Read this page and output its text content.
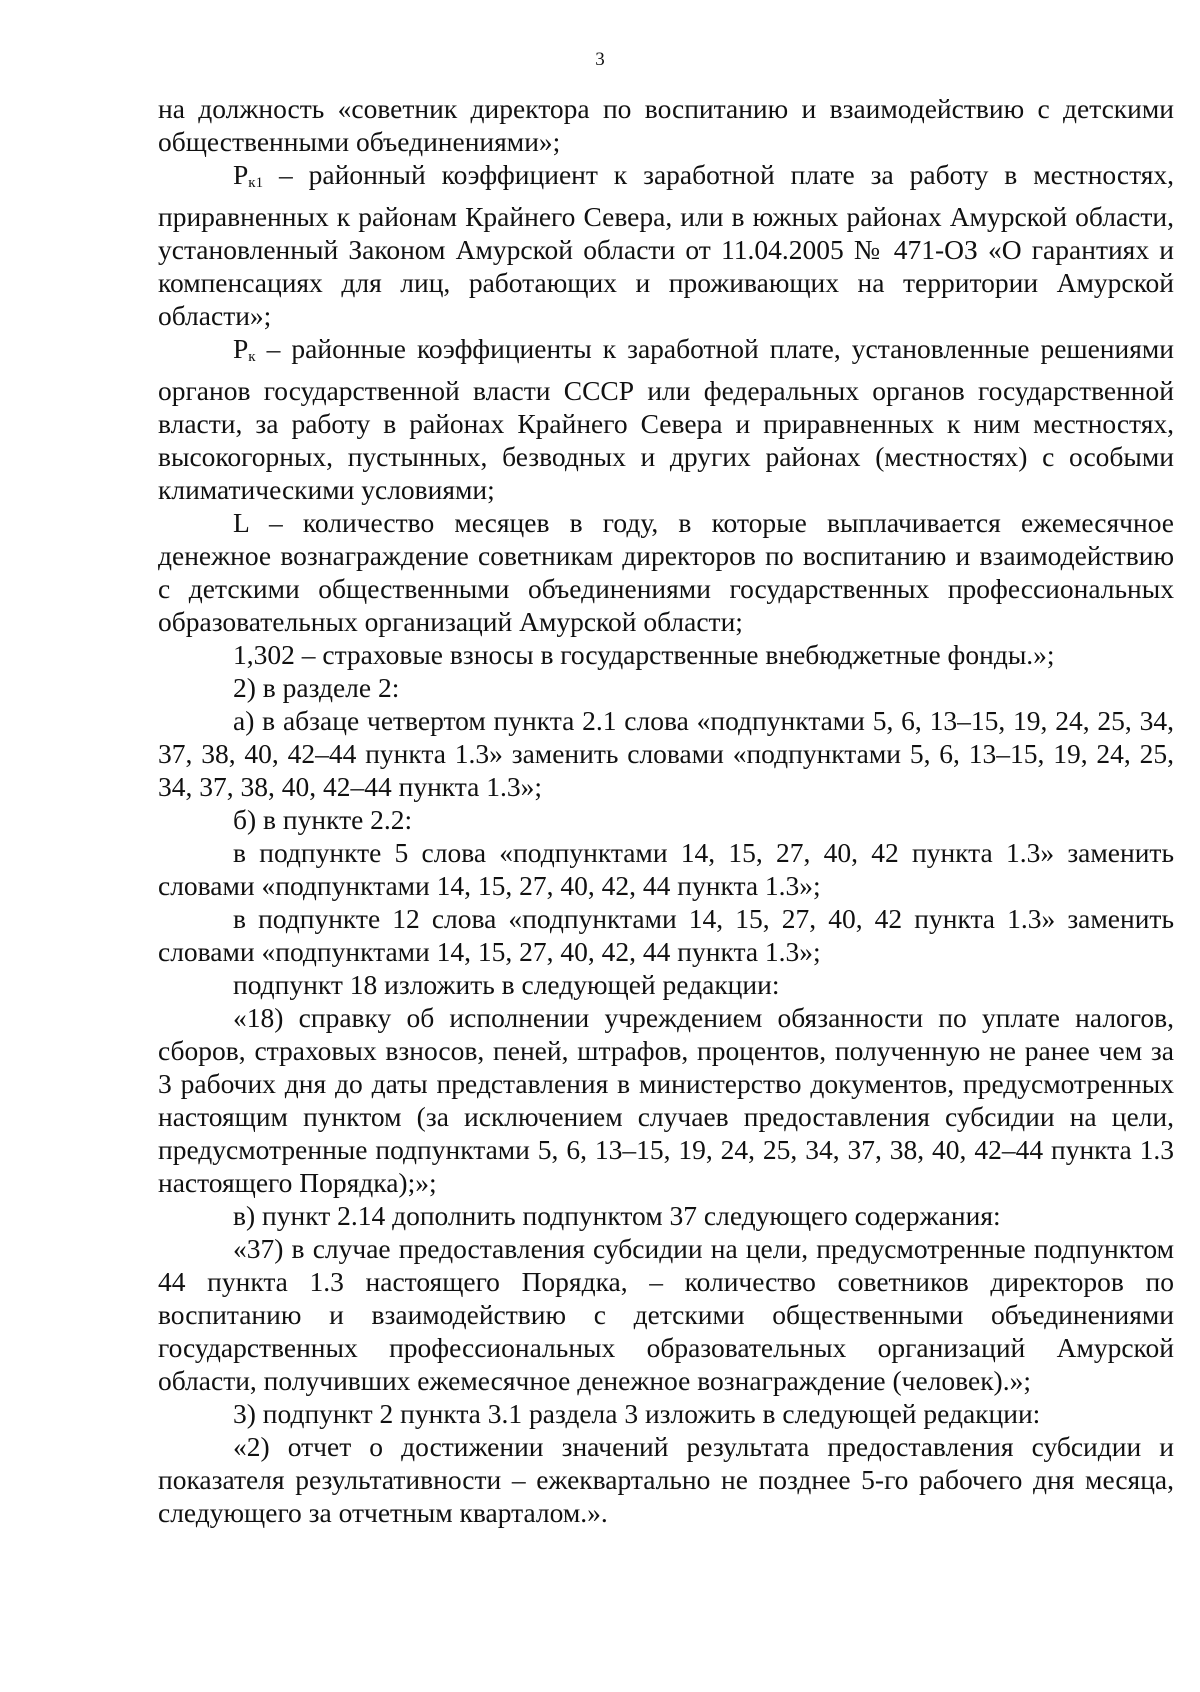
3

на должность «советник директора по воспитанию и взаимодействию с детскими общественными объединениями»;

$Р_{к1}$ – районный коэффициент к заработной плате за работу в местностях, приравненных к районам Крайнего Севера, или в южных районах Амурской области, установленный Законом Амурской области от 11.04.2005 № 471-ОЗ «О гарантиях и компенсациях для лиц, работающих и проживающих на территории Амурской области»;

$Р_к$ – районные коэффициенты к заработной плате, установленные решениями органов государственной власти СССР или федеральных органов государственной власти, за работу в районах Крайнего Севера и приравненных к ним местностях, высокогорных, пустынных, безводных и других районах (местностях) с особыми климатическими условиями;

L – количество месяцев в году, в которые выплачивается ежемесячное денежное вознаграждение советникам директоров по воспитанию и взаимодействию с детскими общественными объединениями государственных профессиональных образовательных организаций Амурской области;

1,302 – страховые взносы в государственные внебюджетные фонды.»;

2) в разделе 2:

а) в абзаце четвертом пункта 2.1 слова «подпунктами 5, 6, 13–15, 19, 24, 25, 34, 37, 38, 40, 42–44 пункта 1.3» заменить словами «подпунктами 5, 6, 13–15, 19, 24, 25, 34, 37, 38, 40, 42–44 пункта 1.3»;

б) в пункте 2.2:

в подпункте 5 слова «подпунктами 14, 15, 27, 40, 42 пункта 1.3» заменить словами «подпунктами 14, 15, 27, 40, 42, 44 пункта 1.3»;

в подпункте 12 слова «подпунктами 14, 15, 27, 40, 42 пункта 1.3» заменить словами «подпунктами 14, 15, 27, 40, 42, 44 пункта 1.3»;

подпункт 18 изложить в следующей редакции:

«18) справку об исполнении учреждением обязанности по уплате налогов, сборов, страховых взносов, пеней, штрафов, процентов, полученную не ранее чем за 3 рабочих дня до даты представления в министерство документов, предусмотренных настоящим пунктом (за исключением случаев предоставления субсидии на цели, предусмотренные подпунктами 5, 6, 13–15, 19, 24, 25, 34, 37, 38, 40, 42–44 пункта 1.3 настоящего Порядка);»;

в) пункт 2.14 дополнить подпунктом 37 следующего содержания:

«37) в случае предоставления субсидии на цели, предусмотренные подпунктом 44 пункта 1.3 настоящего Порядка, – количество советников директоров по воспитанию и взаимодействию с детскими общественными объединениями государственных профессиональных образовательных организаций Амурской области, получивших ежемесячное денежное вознаграждение (человек).»;

3) подпункт 2 пункта 3.1 раздела 3 изложить в следующей редакции:

«2) отчет о достижении значений результата предоставления субсидии и показателя результативности – ежеквартально не позднее 5-го рабочего дня месяца, следующего за отчетным кварталом.».
